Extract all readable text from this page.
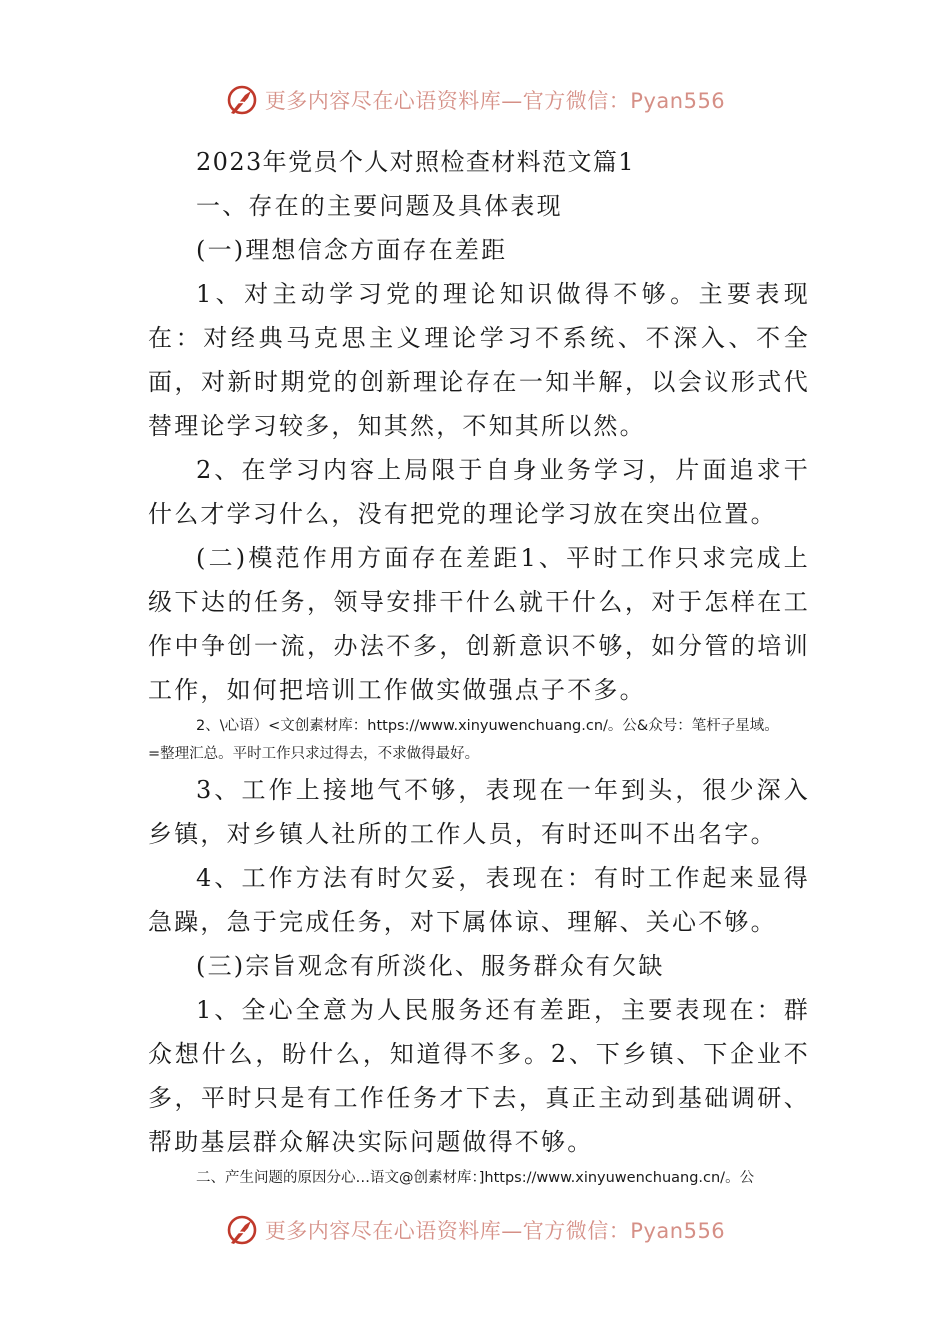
更多内容尽在心语资料库—官方微信：Pyan556

2023年党员个人对照检查材料范文篇1

一、存在的主要问题及具体表现

(一)理想信念方面存在差距

1、对主动学习党的理论知识做得不够。主要表现在：对经典马克思主义理论学习不系统、不深入、不全面，对新时期党的创新理论存在一知半解，以会议形式代替理论学习较多，知其然，不知其所以然。

2、在学习内容上局限于自身业务学习，片面追求干什么才学习什么，没有把党的理论学习放在突出位置。

(二)模范作用方面存在差距1、平时工作只求完成上级下达的任务，领导安排干什么就干什么，对于怎样在工作中争创一流，办法不多，创新意识不够，如分管的培训工作，如何把培训工作做实做强点子不多。

2、\心语）<文创素材库：https://www.xinyuwenchuang.cn/。公&众号：笔杆子星域。

=整理汇总。平时工作只求过得去，不求做得最好。

3、工作上接地气不够，表现在一年到头，很少深入乡镇，对乡镇人社所的工作人员，有时还叫不出名字。

4、工作方法有时欠妥，表现在：有时工作起来显得急躁，急于完成任务，对下属体谅、理解、关心不够。

(三)宗旨观念有所淡化、服务群众有欠缺

1、全心全意为人民服务还有差距，主要表现在：群众想什么，盼什么，知道得不多。2、下乡镇、下企业不多，平时只是有工作任务才下去，真正主动到基础调研、帮助基层群众解决实际问题做得不够。

二、产生问题的原因分心…语文@创素材库：]https://www.xinyuwenchuang.cn/。公

更多内容尽在心语资料库—官方微信：Pyan556
